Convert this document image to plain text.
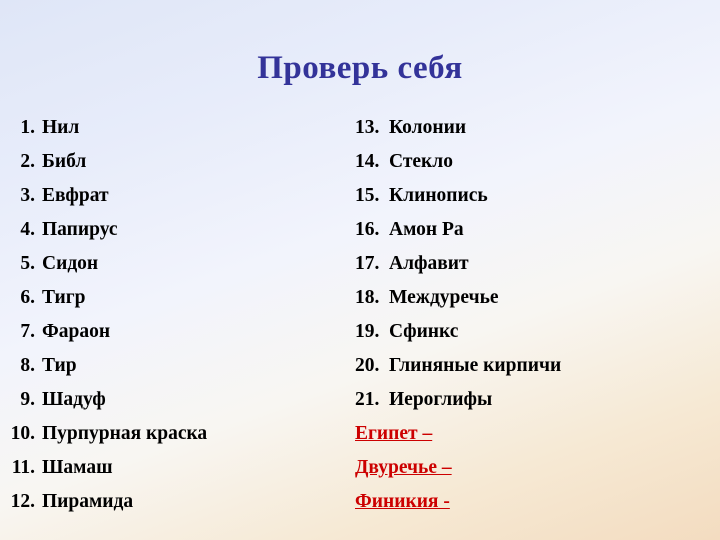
Проверь себя
1. Нил
2. Библ
3. Евфрат
4. Папирус
5. Сидон
6. Тигр
7. Фараон
8. Тир
9. Шадуф
10. Пурпурная краска
11. Шамаш
12. Пирамида
13. Колонии
14. Стекло
15. Клинопись
16. Амон Ра
17. Алфавит
18. Междуречье
19. Сфинкс
20. Глиняные кирпичи
21. Иероглифы
Египет –
Двуречье –
Финикия -
